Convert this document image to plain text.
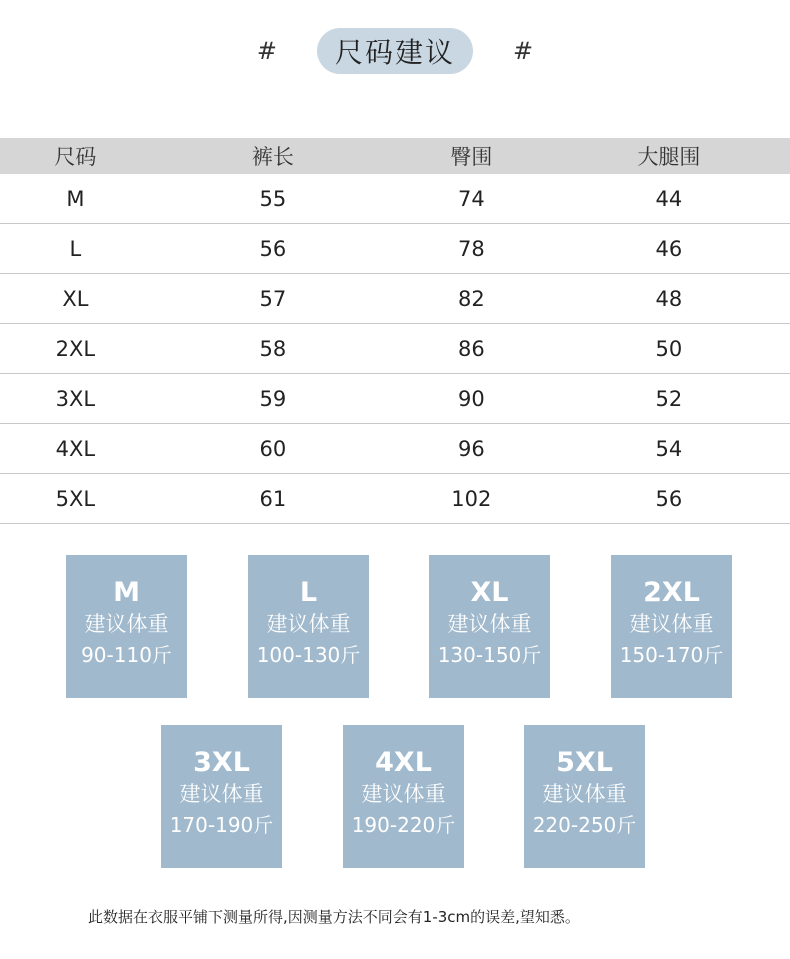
#	尺码建议	#
尺码	裤长	臀围	大腿围
M	55	74	44
L	56	78	46
XL	57	82	48
2XL	58	86	50
3XL	59	90	52
4XL	60	96	54
5XL	61	102	56
M
建议体重
90-110斤
L
建议体重
100-130斤
XL
建议体重
130-150斤
2XL
建议体重
150-170斤
3XL
建议体重
170-190斤
4XL
建议体重
190-220斤
5XL
建议体重
220-250斤
此数据在衣服平铺下测量所得,因测量方法不同会有1-3cm的误差,望知悉。
